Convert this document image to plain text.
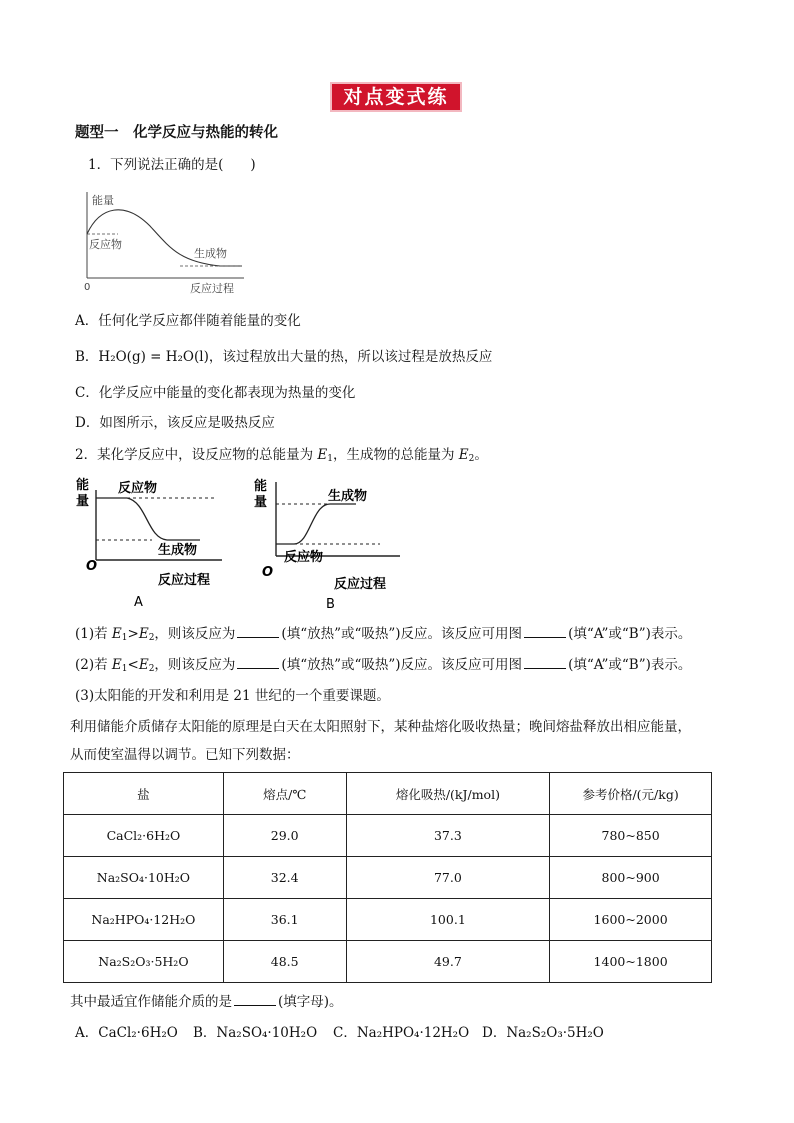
对点变式练
题型一　化学反应与热能的转化
1．下列说法正确的是(　　)
能量
反应物
生成物
0	反应过程
A．任何化学反应都伴随着能量的变化
B．H₂O(g) = H₂O(l)，该过程放出大量的热，所以该过程是放热反应
C．化学反应中能量的变化都表现为热量的变化
D．如图所示，该反应是吸热反应
2．某化学反应中，设反应物的总能量为 $E_1$，生成物的总能量为 $E_2$。
能
量
反应物
生成物
O
反应过程
A
能
量	生成物
反应物
O
反应过程
B
(1)若 $E_1>E_2$，则该反应为	(填“放热”或“吸热”)反应。该反应可用图	(填“A”或“B”)表示。
(2)若 $E_1<E_2$，则该反应为	(填“放热”或“吸热”)反应。该反应可用图	(填“A”或“B”)表示。
(3)太阳能的开发和利用是 21 世纪的一个重要课题。
利用储能介质储存太阳能的原理是白天在太阳照射下，某种盐熔化吸收热量；晚间熔盐释放出相应能量，
从而使室温得以调节。已知下列数据：
盐	熔点/℃	熔化吸热/(kJ/mol)	参考价格/(元/kg)
CaCl₂·6H₂O	29.0	37.3	780~850
Na₂SO₄·10H₂O	32.4	77.0	800~900
Na₂HPO₄·12H₂O	36.1	100.1	1600~2000
Na₂S₂O₃·5H₂O	48.5	49.7	1400~1800
其中最适宜作储能介质的是	(填字母)。
A．CaCl₂·6H₂O B．Na₂SO₄·10H₂O C．Na₂HPO₄·12H₂O D．Na₂S₂O₃·5H₂O
